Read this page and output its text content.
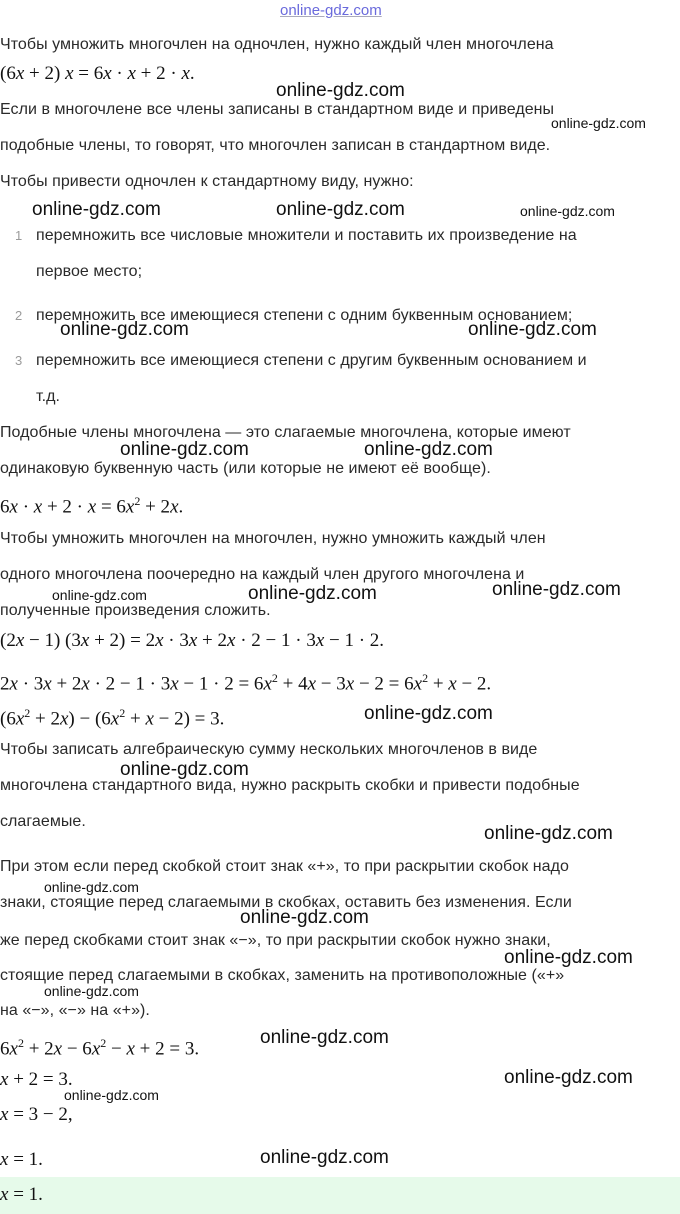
online-gdz.com
Чтобы умножить многочлен на одночлен, нужно каждый член многочлена
(6x + 2) x = 6x · x + 2 · x.
Если в многочлене все члены записаны в стандартном виде и приведены
подобные члены, то говорят, что многочлен записан в стандартном виде.
Чтобы привести одночлен к стандартному виду, нужно:
1 перемножить все числовые множители и поставить их произведение на
первое место;
2 перемножить все имеющиеся степени с одним буквенным основанием;
3 перемножить все имеющиеся степени с другим буквенным основанием и
т.д.
Подобные члены многочлена — это слагаемые многочлена, которые имеют
одинаковую буквенную часть (или которые не имеют её вообще).
$6x \cdot x + 2 \cdot x = 6x^2 + 2x$.
Чтобы умножить многочлен на многочлен, нужно умножить каждый член
одного многочлена поочередно на каждый член другого многочлена и
полученные произведения сложить.
(2x − 1) (3x + 2) = 2x · 3x + 2x · 2 − 1 · 3x − 1 · 2.
$2x \cdot 3x + 2x \cdot 2 - 1 \cdot 3x - 1 \cdot 2 = 6x^2 + 4x - 3x - 2 = 6x^2 + x - 2$.
$(6x^2 + 2x) - (6x^2 + x - 2) = 3$.
Чтобы записать алгебраическую сумму нескольких многочленов в виде
многочлена стандартного вида, нужно раскрыть скобки и привести подобные
слагаемые.
При этом если перед скобкой стоит знак «+», то при раскрытии скобок надо
знаки, стоящие перед слагаемыми в скобках, оставить без изменения. Если
же перед скобками стоит знак «−», то при раскрытии скобок нужно знаки,
стоящие перед слагаемыми в скобках, заменить на противоположные («+»
на «−», «−» на «+»).
$6x^2 + 2x - 6x^2 - x + 2 = 3$.
x + 2 = 3.
x = 3 − 2,
x = 1.
x = 1.
online-gdz.com
online-gdz.com
online-gdz.com	online-gdz.com	online-gdz.com
online-gdz.com	online-gdz.com
online-gdz.com	online-gdz.com
online-gdz.com	online-gdz.com	online-gdz.com
online-gdz.com
online-gdz.com
online-gdz.com
online-gdz.com
online-gdz.com
online-gdz.com
online-gdz.com
online-gdz.com
online-gdz.com
online-gdz.com
online-gdz.com
